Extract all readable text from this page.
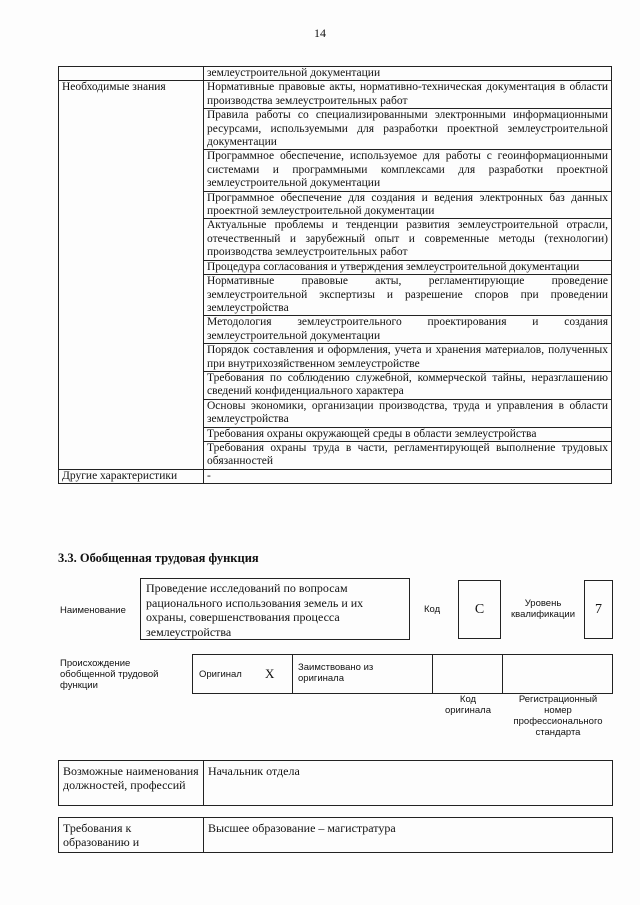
14
	землеустроительной документации
Необходимые знания	Нормативные правовые акты, нормативно-техническая документация в области производства землеустроительных работ
	Правила работы со специализированными электронными информационными ресурсами, используемыми для разработки проектной землеустроительной документации
	Программное обеспечение, используемое для работы с геоинформационными системами и программными комплексами для разработки проектной землеустроительной документации
	Программное обеспечение для создания и ведения электронных баз данных проектной землеустроительной документации
	Актуальные проблемы и тенденции развития землеустроительной отрасли, отечественный и зарубежный опыт и современные методы (технологии) производства землеустроительных работ
	Процедура согласования и утверждения землеустроительной документации
	Нормативные правовые акты, регламентирующие проведение землеустроительной экспертизы и разрешение споров при проведении землеустройства
	Методология землеустроительного проектирования и создания землеустроительной документации
	Порядок составления и оформления, учета и хранения материалов, полученных при внутрихозяйственном землеустройстве
	Требования по соблюдению служебной, коммерческой тайны, неразглашению сведений конфиденциального характера
	Основы экономики, организации производства, труда и управления в области землеустройства
	Требования охраны окружающей среды в области землеустройства
	Требования охраны труда в части, регламентирующей выполнение трудовых обязанностей
Другие характеристики	-
3.3. Обобщенная трудовая функция
Наименование
Проведение исследований по вопросам рационального использования земель и их охраны, совершенствования процесса землеустройства
Код	C	Уровень квалификации	7
Происхождение обобщенной трудовой функции
Оригинал X Заимствовано из оригинала
Код оригинала
Регистрационный номер профессионального стандарта
Возможные наименования должностей, профессий	Начальник отдела
Требования к образованию и	Высшее образование – магистратура
